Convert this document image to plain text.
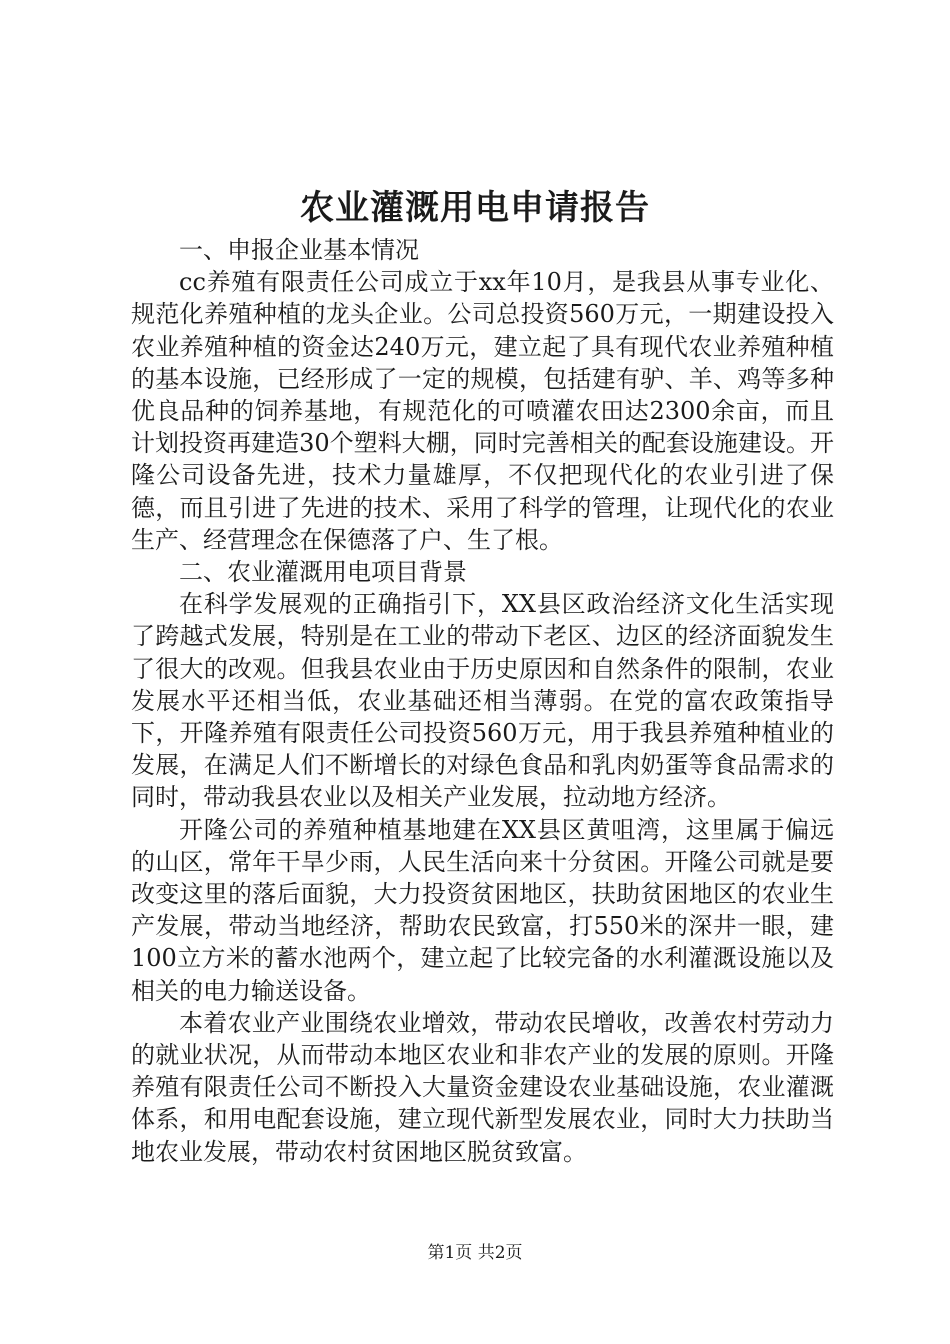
农业灌溉用电申请报告

一、申报企业基本情况

cc养殖有限责任公司成立于xx年10月，是我县从事专业化、规范化养殖种植的龙头企业。公司总投资560万元，一期建设投入农业养殖种植的资金达240万元，建立起了具有现代农业养殖种植的基本设施，已经形成了一定的规模，包括建有驴、羊、鸡等多种优良品种的饲养基地，有规范化的可喷灌农田达2300余亩，而且计划投资再建造30个塑料大棚，同时完善相关的配套设施建设。开隆公司设备先进，技术力量雄厚，不仅把现代化的农业引进了保德，而且引进了先进的技术、采用了科学的管理，让现代化的农业生产、经营理念在保德落了户、生了根。

二、农业灌溉用电项目背景

在科学发展观的正确指引下，XX县区政治经济文化生活实现了跨越式发展，特别是在工业的带动下老区、边区的经济面貌发生了很大的改观。但我县农业由于历史原因和自然条件的限制，农业发展水平还相当低，农业基础还相当薄弱。在党的富农政策指导下，开隆养殖有限责任公司投资560万元，用于我县养殖种植业的发展，在满足人们不断增长的对绿色食品和乳肉奶蛋等食品需求的同时，带动我县农业以及相关产业发展，拉动地方经济。

开隆公司的养殖种植基地建在XX县区黄咀湾，这里属于偏远的山区，常年干旱少雨，人民生活向来十分贫困。开隆公司就是要改变这里的落后面貌，大力投资贫困地区，扶助贫困地区的农业生产发展，带动当地经济，帮助农民致富，打550米的深井一眼，建100立方米的蓄水池两个，建立起了比较完备的水利灌溉设施以及相关的电力输送设备。

本着农业产业围绕农业增效，带动农民增收，改善农村劳动力的就业状况，从而带动本地区农业和非农产业的发展的原则。开隆养殖有限责任公司不断投入大量资金建设农业基础设施，农业灌溉体系，和用电配套设施，建立现代新型发展农业，同时大力扶助当地农业发展，带动农村贫困地区脱贫致富。

第1页 共2页
